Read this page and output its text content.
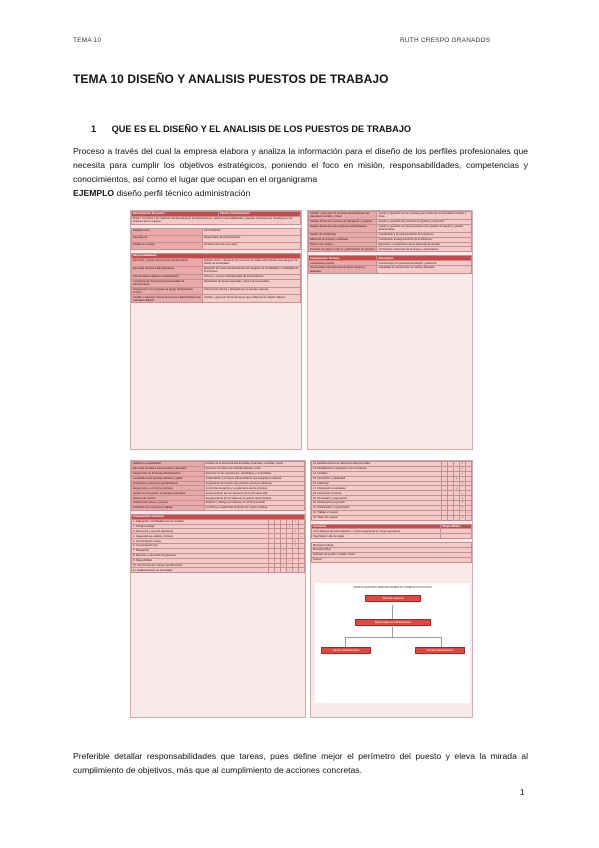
TEMA 10	RUTH CRESPO GRANADOS
TEMA 10 DISEÑO Y ANALISIS PUESTOS DE TRABAJO
1 QUE ES EL DISEÑO Y EL ANALISIS DE LOS PUESTOS DE TRABAJO

Proceso a través del cual la empresa elabora y analiza la información para el diseño de los perfiles profesionales que necesita para cumplir los objetivos estratégicos, poniendo el foco en misión, responsabilidades, competencias y conocimientos, así como el lugar que ocupan en el organigrama

EJEMPLO diseño perfil técnico administración
Denominación del puesto	Técnico Administración
Misión: Contribuir a los objetivos del departamento de Administración, asumir responsabilidades y ejecutar funciones que contribuyan a los objetivos de la empresa.
Departamento	Administración
Depende de	Responsable de Administración
Perfiles a su cargo	No tiene personal a su cargo
Responsabilidades	
Ejecución y gestión de procesos administrativos	Gestión eficaz y directa de los procesos de índole administrativo que aseguren la fluidez de la actividad.
Ejecución funciones administrativas	Ejecución de tareas administrativas que aseguren la contabilidad y rentabilidad de la empresa.
Soporte Responsable de Administración	Informa y reporta al Responsable de Administración.
Cumplimiento instrucciones Responsable de Administración	Realización de tareas asignadas y apoyo al responsable.
Interlocución con empresas de apoyo administrativo externo	Interlocución directa y delegada con empresas externas.
Gestión y ejecución directa de procesos administrativos de naturaleza laboral	Gestión y ejecución de los procesos que conforman la relación laboral.
Gestión y ejecución de procesos administrativos de naturaleza contable y fiscal	Gestión y ejecución de los procesos que conforman la naturaleza contable y fiscal.
Gestión directa de procesos de Transporte y Logística	Gestión y ejecución de procesos de logística y transporte.
Gestión directa de otros procesos administrativos	Gestión y ejecución de otros procesos como gestión de seguros y gestión administrativa.
Gestión de incidencias	Contribución a la implementación de soluciones.
Eficiencia de recursos materiales	Contribución al aseguramiento de la eficiencia.
Sistema de Gestión	Ejecución y cumplimiento de los Sistemas de Gestión.
Fomentar la mejora continua y optimización de procesos	Contribución al fomento de la mejora y optimización.
Competencias Técnicas	Descripción
Coordinación interna	Coordinación con personal tecnológico y asistente.
Interlocución entre Servicios de Apoyo Externo y delegada	Capacidad de interlocución de manera delegada.
Análisis de capacidades	Análisis de la estructura administrativa, financiera, contable y fiscal.
Ejecución de planes administrativos generales	Ejecución de planes de actividad laboral y otros.
Seguimiento de Procesos administrativos	Ejecución de las operaciones, actividades y necesidades.
Conductas socio-técnicas eficaces y ágiles	Colaboración y procesos administrativos que aseguren la eficacia.
Orientación a procesos administrativos	Seguimiento de tiempos que permiten procesos eficientes.
Seguimiento y control de procesos	Control del desarrollo y cumplimiento de los procesos.
Gestión de Prevención de Riesgos Laborales	Aseguramiento del cumplimiento de la Normativa PRL.
Sistema de Gestión	Aseguramiento de los sistemas de gestión administrativa.
Interlocución interna y externa	Relación y diálogo permanente con el Responsable.
Instalación de entornos de calidad	Contribuye a desarrollar acciones de mejora continua.
Competencias Genéricas						
1. Adaptación y flexibilidad ante los cambios					•	
2. Autoaprendizaje				•		
3. Autonomía y toma de decisiones					•	
4. Capacidad de análisis y síntesis						•
5. Comunicación escrita					•	
6. Comunicación oral					•	
7. Delegación			•			
8. Dirección y desarrollo de personas			•			
9. Disponibilidad				•		
10. Dominio de una misma: autoafirmación			•			
11. Establecimiento de prioridades				•		
12. Establecimiento de relaciones interpersonales				•	
13. Identificación e integración con la empresa				•	
14. Iniciativa				•	
15. Innovación y creatividad			•		
16. Liderazgo				•	
17. Orientación a resultados			•		
18. Orientación al cliente				•	
19. Persuasión y negociación				•	
20. Resistencia a la presión				•	
21. Planificación y organización				•	
22. Trabajo en equipo					•
23. Visión de negocio				•	
Formación	Tiempo Mínimo
Ciclo Superior de Administración o 3 años experiencia en cargo equivalente	
Nivel Medio / Alto de inglés	
Microsoft Outlook
Microsoft Office
Software de gestión contable / fiscal
Internet
ORGANIGRAMA DEPARTAMENTO ADMINISTRACIÓN
Dirección General
Responsable de Administración
Técnico Administración	Técnico Administración

Preferible detallar responsabilidades que tareas, pues define mejor el perímetro del puesto y eleva la mirada al cumplimiento de objetivos, más que al cumplimiento de acciones concretas.

1
